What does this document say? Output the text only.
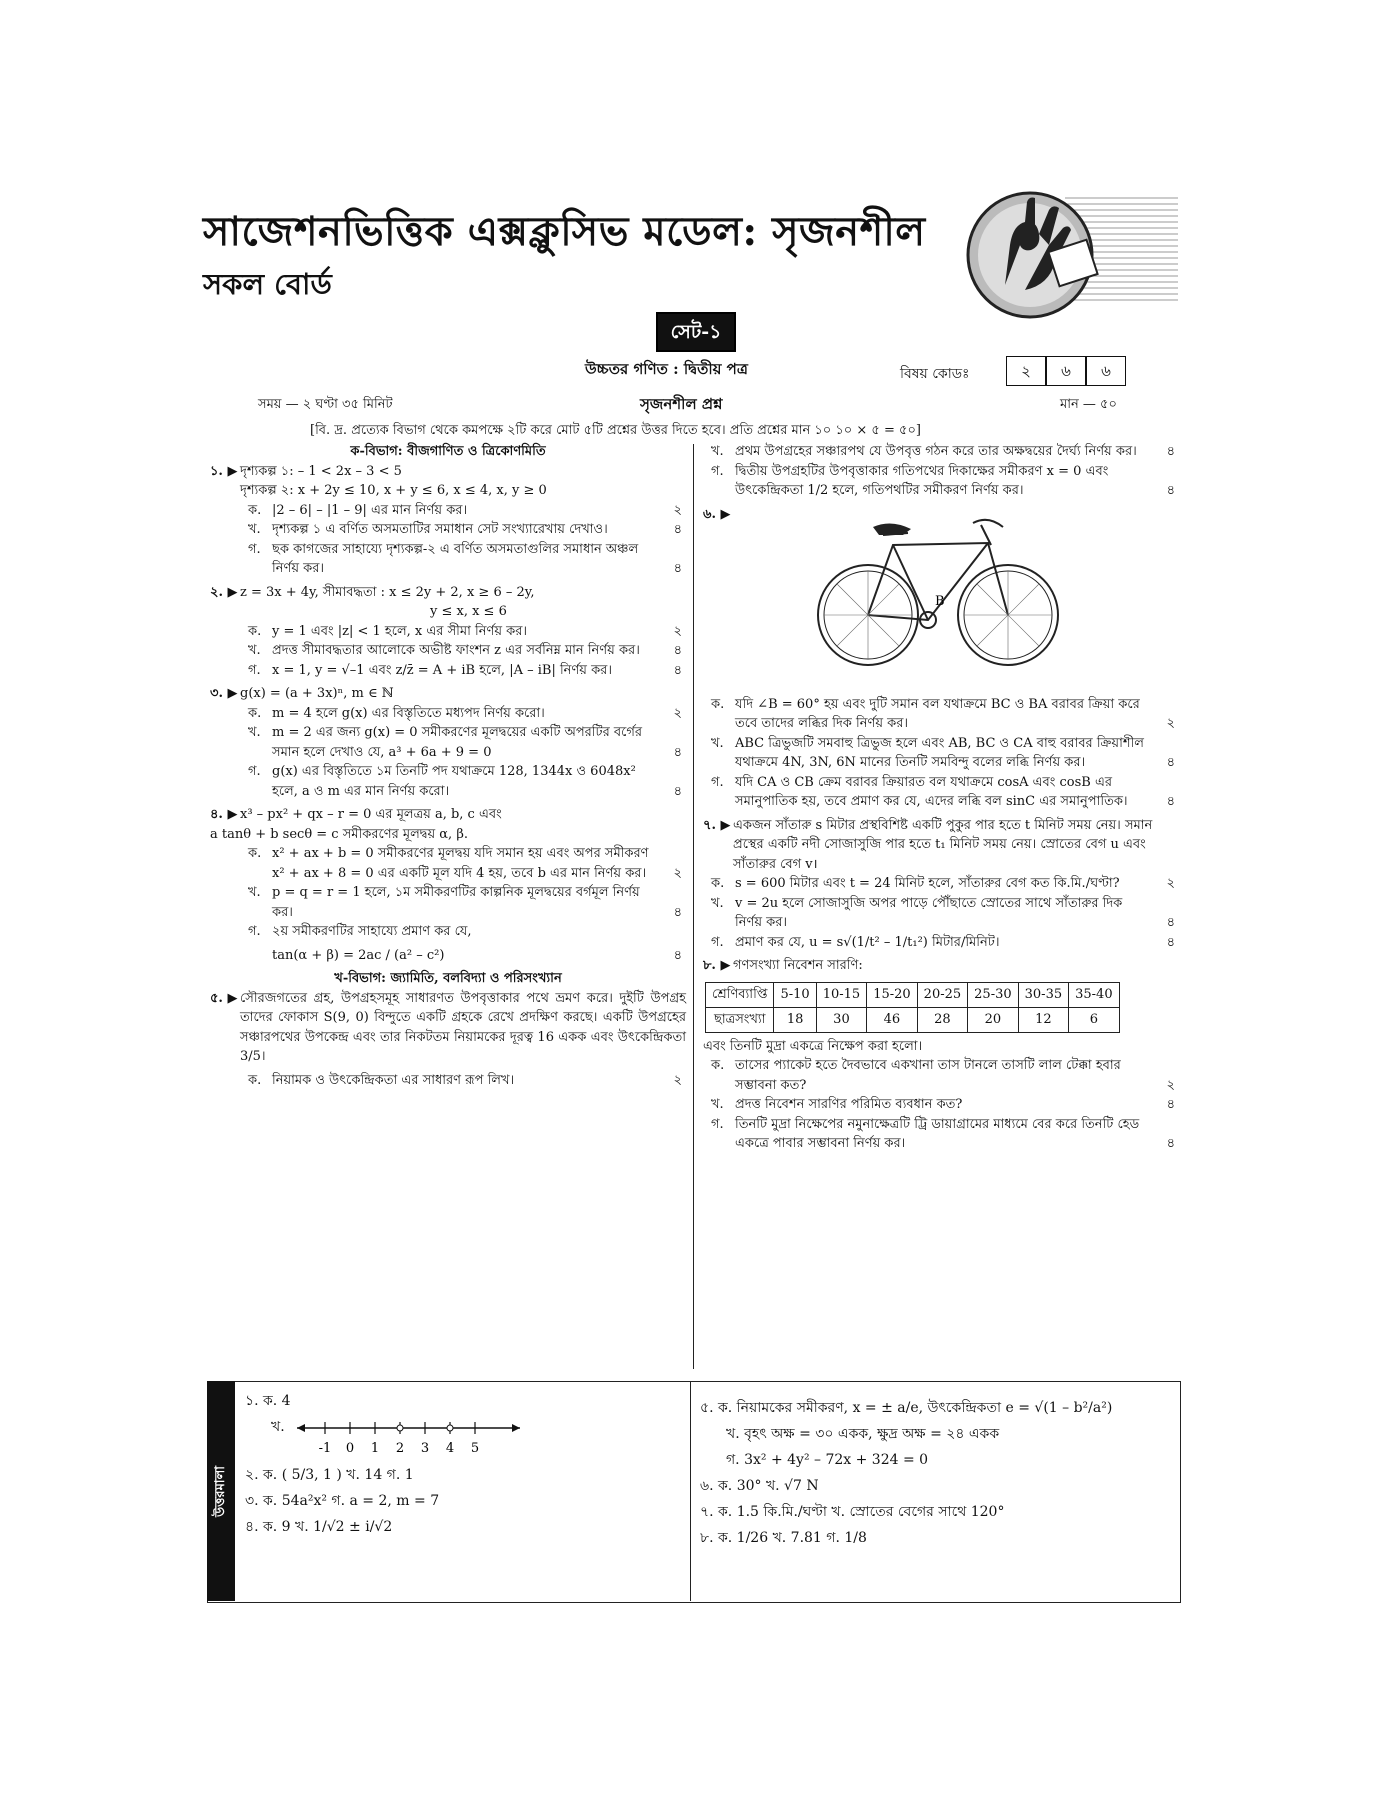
সাজেশনভিত্তিক এক্সক্লুসিভ মডেল: সৃজনশীল
সকল বোর্ড
সেট-১
উচ্চতর গণিত : দ্বিতীয় পত্র	বিষয় কোডঃ	২	৬	৬
সময় — ২ ঘণ্টা ৩৫ মিনিট	সৃজনশীল প্রশ্ন	মান — ৫০
[বি. দ্র. প্রত্যেক বিভাগ থেকে কমপক্ষে ২টি করে মোট ৫টি প্রশ্নের উত্তর দিতে হবে। প্রতি প্রশ্নের মান ১০ ১০ × ৫ = ৫০]

ক-বিভাগ: বীজগাণিত ও ত্রিকোণমিতি

১. ▶ দৃশ্যকল্প ১: – 1 < 2x – 3 < 5

দৃশ্যকল্প ২: x + 2y ≤ 10, x + y ≤ 6, x ≤ 4, x, y ≥ 0

ক. |2 – 6| – |1 – 9| এর মান নির্ণয় কর।	২
খ. দৃশ্যকল্প ১ এ বর্ণিত অসমতাটির সমাধান সেট সংখ্যারেখায় দেখাও।	৪
গ. ছক কাগজের সাহায্যে দৃশ্যকল্প-২ এ বর্ণিত অসমতাগুলির সমাধান অঞ্চল নির্ণয় কর।	৪
২. ▶ z = 3x + 4y, সীমাবদ্ধতা : x ≤ 2y + 2, x ≥ 6 – 2y,

y ≤ x, x ≤ 6

ক. y = 1 এবং |z| < 1 হলে, x এর সীমা নির্ণয় কর।	২
খ. প্রদত্ত সীমাবদ্ধতার আলোকে অভীষ্ট ফাংশন z এর সর্বনিম্ন মান নির্ণয় কর।	৪
গ. x = 1, y = √–1 এবং z/z̄ = A + iB হলে, |A – iB| নির্ণয় কর।	৪
৩. ▶ g(x) = (a + 3x)ⁿ, m ∈ ℕ

ক. m = 4 হলে g(x) এর বিস্তৃতিতে মধ্যপদ নির্ণয় করো।	২
খ. m = 2 এর জন্য g(x) = 0 সমীকরণের মূলদ্বয়ের একটি অপরটির বর্গের সমান হলে দেখাও যে, a³ + 6a + 9 = 0	৪
গ. g(x) এর বিস্তৃতিতে ১ম তিনটি পদ যথাক্রমে 128, 1344x ও 6048x² হলে, a ও m এর মান নির্ণয় করো।	৪
৪. ▶ x³ – px² + qx – r = 0 এর মূলত্রয় a, b, c এবং

a tanθ + b secθ = c সমীকরণের মূলদ্বয় α, β.

ক. x² + ax + b = 0 সমীকরণের মূলদ্বয় যদি সমান হয় এবং অপর সমীকরণ x² + ax + 8 = 0 এর একটি মূল যদি 4 হয়, তবে b এর মান নির্ণয় কর। ২
খ. p = q = r = 1 হলে, ১ম সমীকরণটির কাল্পনিক মূলদ্বয়ের বর্গমূল নির্ণয় কর।	৪
গ. ২য় সমীকরণটির সাহায্যে প্রমাণ কর যে,
tan(α + β) = 2ac / (a² – c²)	৪

খ-বিভাগ: জ্যামিতি, বলবিদ্যা ও পরিসংখ্যান

৫. ▶ সৌরজগতের গ্রহ, উপগ্রহসমূহ সাধারণত উপবৃত্তাকার পথে ভ্রমণ করে। দুইটি উপগ্রহ তাদের ফোকাস S(9, 0) বিন্দুতে একটি গ্রহকে রেখে প্রদক্ষিণ করছে। একটি উপগ্রহের সঞ্চারপথের উপকেন্দ্র এবং তার নিকটতম নিয়ামকের দূরত্ব 16 একক এবং উৎকেন্দ্রিকতা 3/5।

ক. নিয়ামক ও উৎকেন্দ্রিকতা এর সাধারণ রূপ লিখ।	২
খ. প্রথম উপগ্রহের সঞ্চারপথ যে উপবৃত্ত গঠন করে তার অক্ষদ্বয়ের দৈর্ঘ্য নির্ণয় কর। ৪
গ. দ্বিতীয় উপগ্রহটির উপবৃত্তাকার গতিপথের দিকাক্ষের সমীকরণ x = 0 এবং উৎকেন্দ্রিকতা 1/2 হলে, গতিপথটির সমীকরণ নির্ণয় কর।	৪
৬. ▶
B
ক. যদি ∠B = 60° হয় এবং দুটি সমান বল যথাক্রমে BC ও BA বরাবর ক্রিয়া করে তবে তাদের লব্ধির দিক নির্ণয় কর।	২
খ. ABC ত্রিভুজটি সমবাহু ত্রিভুজ হলে এবং AB, BC ও CA বাহু বরাবর ক্রিয়াশীল যথাক্রমে 4N, 3N, 6N মানের তিনটি সমবিন্দু বলের লব্ধি নির্ণয় কর।	৪
গ. যদি CA ও CB ক্রেম বরাবর ক্রিয়ারত বল যথাক্রমে cosA এবং cosB এর সমানুপাতিক হয়, তবে প্রমাণ কর যে, এদের লব্ধি বল sinC এর সমানুপাতিক।	৪
৭. ▶ একজন সাঁতারু s মিটার প্রস্থবিশিষ্ট একটি পুকুর পার হতে t মিনিট সময় নেয়। সমান প্রস্থের একটি নদী সোজাসুজি পার হতে t₁ মিনিট সময় নেয়। স্রোতের বেগ u এবং সাঁতারুর বেগ v।

ক. s = 600 মিটার এবং t = 24 মিনিট হলে, সাঁতারুর বেগ কত কি.মি./ঘণ্টা?	২
খ. v = 2u হলে সোজাসুজি অপর পাড়ে পৌঁছাতে স্রোতের সাথে সাঁতারুর দিক নির্ণয় কর।	৪
গ. প্রমাণ কর যে, u = s√(1/t² – 1/t₁²) মিটার/মিনিট।	৪
৮. ▶ গণসংখ্যা নিবেশন সারণি:

শ্রেণিব্যাপ্তি	5-10	10-15	15-20	20-25	25-30	30-35	35-40
ছাত্রসংখ্যা	18	30	46	28	20	12	6

এবং তিনটি মুদ্রা একত্রে নিক্ষেপ করা হলো।

ক. তাসের প্যাকেট হতে দৈবভাবে একখানা তাস টানলে তাসটি লাল টেক্কা হবার সম্ভাবনা কত?	২
খ. প্রদত্ত নিবেশন সারণির পরিমিত ব্যবধান কত?	৪
গ. তিনটি মুদ্রা নিক্ষেপের নমুনাক্ষেত্রটি ট্রি ডায়াগ্রামের মাধ্যমে বের করে তিনটি হেড একত্রে পাবার সম্ভাবনা নির্ণয় কর।	৪
উত্তরমালা
১. ক. 4
খ.
-1 0 1 2 3 4 5
২. ক. ( 5/3, 1 ) খ. 14 গ. 1
৩. ক. 54a²x² গ. a = 2, m = 7
৪. ক. 9 খ. 1/√2 ± i/√2
৫. ক. নিয়ামকের সমীকরণ, x = ± a/e, উৎকেন্দ্রিকতা e = √(1 – b²/a²)
খ. বৃহৎ অক্ষ = ৩০ একক, ক্ষুদ্র অক্ষ = ২৪ একক
গ. 3x² + 4y² – 72x + 324 = 0
৬. ক. 30° খ. √7 N
৭. ক. 1.5 কি.মি./ঘণ্টা খ. স্রোতের বেগের সাথে 120°
৮. ক. 1/26 খ. 7.81 গ. 1/8
